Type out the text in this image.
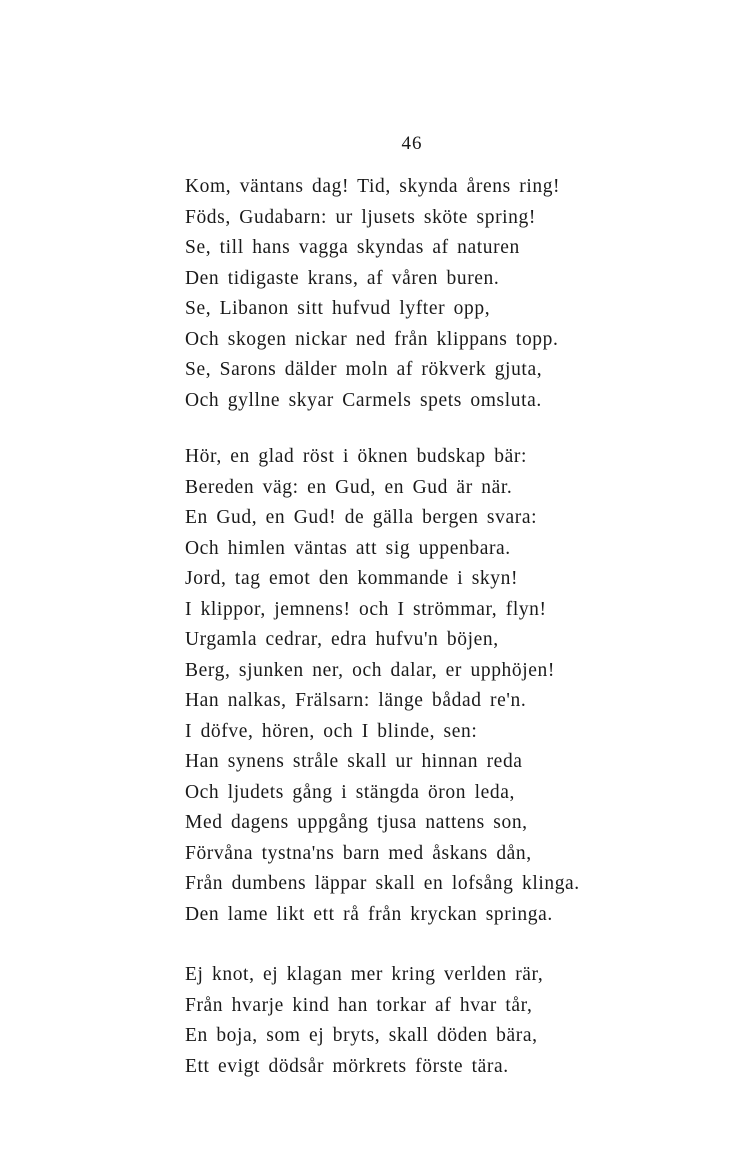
46
Kom, väntans dag! Tid, skynda årens ring!
Föds, Gudabarn: ur ljusets sköte spring!
Se, till hans vagga skyndas af naturen
Den tidigaste krans, af våren buren.
Se, Libanon sitt hufvud lyfter opp,
Och skogen nickar ned från klippans topp.
Se, Sarons dälder moln af rökverk gjuta,
Och gyllne skyar Carmels spets omsluta.
Hör, en glad röst i öknen budskap bär:
Bereden väg: en Gud, en Gud är när.
En Gud, en Gud! de gälla bergen svara:
Och himlen väntas att sig uppenbara.
Jord, tag emot den kommande i skyn!
I klippor, jemnens! och I strömmar, flyn!
Urgamla cedrar, edra hufvu'n böjen,
Berg, sjunken ner, och dalar, er upphöjen!
Han nalkas, Frälsarn: länge bådad re'n.
I döfve, hören, och I blinde, sen:
Han synens stråle skall ur hinnan reda
Och ljudets gång i stängda öron leda,
Med dagens uppgång tjusa nattens son,
Förvåna tystna'ns barn med åskans dån,
Från dumbens läppar skall en lofsång klinga.
Den lame likt ett rå från kryckan springa.
Ej knot, ej klagan mer kring verlden rär,
Från hvarje kind han torkar af hvar tår,
En boja, som ej bryts, skall döden bära,
Ett evigt dödsår mörkrets förste tära.
